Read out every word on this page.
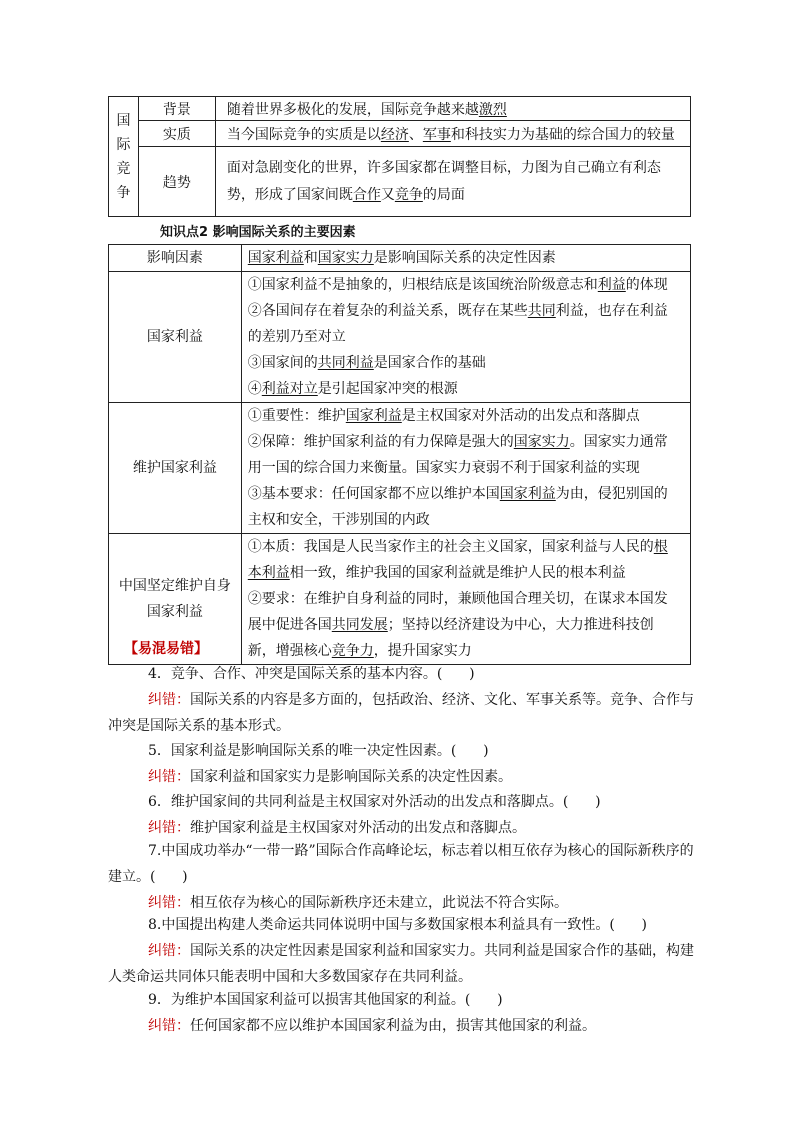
国
际
竞
争	背景	随着世界多极化的发展，国际竞争越来越激烈
	实质	当今国际竞争的实质是以经济、军事和科技实力为基础的综合国力的较量
	趋势	面对急剧变化的世界，许多国家都在调整目标，力图为自己确立有利态
势，形成了国家间既合作又竞争的局面
知识点2 影响国际关系的主要因素
影响因素	国家利益和国家实力是影响国际关系的决定性因素
国家利益	①国家利益不是抽象的，归根结底是该国统治阶级意志和利益的体现
②各国间存在着复杂的利益关系，既存在某些共同利益，也存在利益
的差别乃至对立
③国家间的共同利益是国家合作的基础
④利益对立是引起国家冲突的根源
维护国家利益	①重要性：维护国家利益是主权国家对外活动的出发点和落脚点
②保障：维护国家利益的有力保障是强大的国家实力。国家实力通常
用一国的综合国力来衡量。国家实力衰弱不利于国家利益的实现
③基本要求：任何国家都不应以维护本国国家利益为由，侵犯别国的
主权和安全，干涉别国的内政
中国坚定维护自身国家利益	①本质：我国是人民当家作主的社会主义国家，国家利益与人民的根
本利益相一致，维护我国的国家利益就是维护人民的根本利益
②要求：在维护自身利益的同时，兼顾他国合理关切，在谋求本国发
展中促进各国共同发展；坚持以经济建设为中心，大力推进科技创
新，增强核心竞争力，提升国家实力
【易混易错】

4．竞争、合作、冲突是国际关系的基本内容。(      )

纠错：国际关系的内容是多方面的，包括政治、经济、文化、军事关系等。竞争、合作与冲突是国际关系的基本形式。

5．国家利益是影响国际关系的唯一决定性因素。(      )

纠错：国家利益和国家实力是影响国际关系的决定性因素。

6．维护国家间的共同利益是主权国家对外活动的出发点和落脚点。(      )

纠错：维护国家利益是主权国家对外活动的出发点和落脚点。

7.中国成功举办“一带一路”国际合作高峰论坛，标志着以相互依存为核心的国际新秩序的建立。(      )

纠错：相互依存为核心的国际新秩序还未建立，此说法不符合实际。

8.中国提出构建人类命运共同体说明中国与多数国家根本利益具有一致性。(      )

纠错：国际关系的决定性因素是国家利益和国家实力。共同利益是国家合作的基础，构建人类命运共同体只能表明中国和大多数国家存在共同利益。

9．为维护本国国家利益可以损害其他国家的利益。(      )

纠错：任何国家都不应以维护本国国家利益为由，损害其他国家的利益。
